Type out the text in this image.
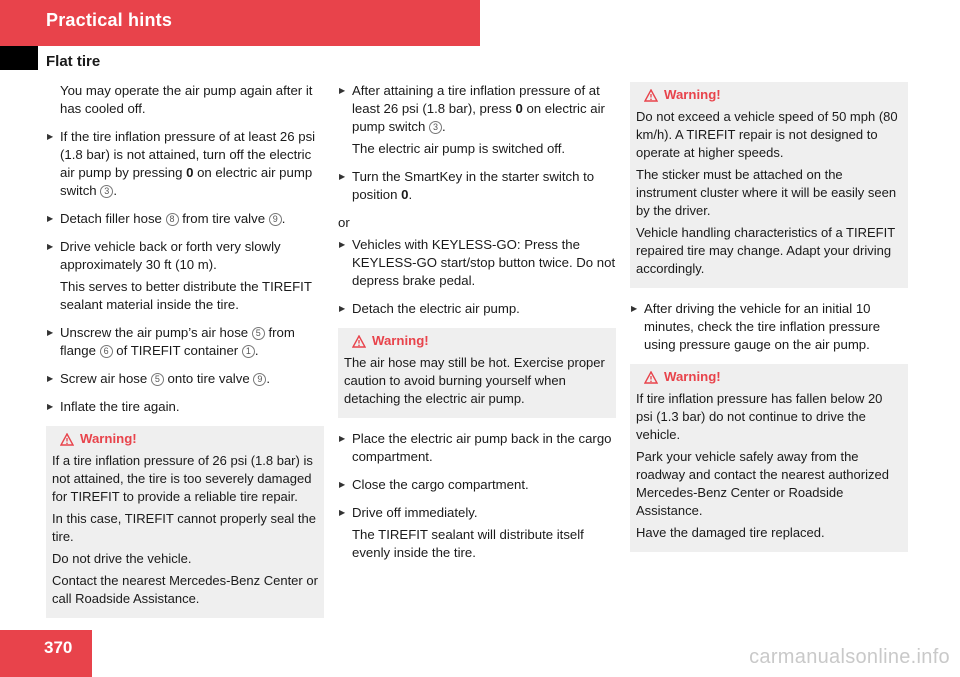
Practical hints
Flat tire

You may operate the air pump again after it has cooled off.

▶ If the tire inflation pressure of at least 26 psi (1.8 bar) is not attained, turn off the electric air pump by pressing 0 on electric air pump switch 3 .
▶ Detach filler hose 8 from tire valve 9 .
▶ Drive vehicle back or forth very slowly approximately 30 ft (10 m).
This serves to better distribute the TIREFIT sealant material inside the tire.
▶ Unscrew the air pump’s air hose 5 from flange 6 of TIREFIT container 1 .
▶ Screw air hose 5 onto tire valve 9 .
▶ Inflate the tire again.
Warning!

If a tire inflation pressure of 26 psi (1.8 bar) is not attained, the tire is too severely damaged for TIREFIT to provide a reliable tire repair.

In this case, TIREFIT cannot properly seal the tire.

Do not drive the vehicle.

Contact the nearest Mercedes-Benz Center or call Roadside Assistance.

▶ After attaining a tire inflation pressure of at least 26 psi (1.8 bar), press 0 on electric air pump switch 3 .
The electric air pump is switched off.
▶ Turn the SmartKey in the starter switch to position 0.
or
▶ Vehicles with KEYLESS-GO: Press the KEYLESS-GO start/stop button twice. Do not depress brake pedal.
▶ Detach the electric air pump.
Warning!

The air hose may still be hot. Exercise proper caution to avoid burning yourself when detaching the electric air pump.

▶ Place the electric air pump back in the cargo compartment.
▶ Close the cargo compartment.
▶ Drive off immediately.
The TIREFIT sealant will distribute itself evenly inside the tire.
Warning!

Do not exceed a vehicle speed of 50 mph (80 km/h). A TIREFIT repair is not designed to operate at higher speeds.

The sticker must be attached on the instrument cluster where it will be easily seen by the driver.

Vehicle handling characteristics of a TIREFIT repaired tire may change. Adapt your driving accordingly.

▶ After driving the vehicle for an initial 10 minutes, check the tire inflation pressure using pressure gauge on the air pump.
Warning!

If tire inflation pressure has fallen below 20 psi (1.3 bar) do not continue to drive the vehicle.

Park your vehicle safely away from the roadway and contact the nearest authorized Mercedes-Benz Center or Roadside Assistance.

Have the damaged tire replaced.

370	carmanualsonline.info
